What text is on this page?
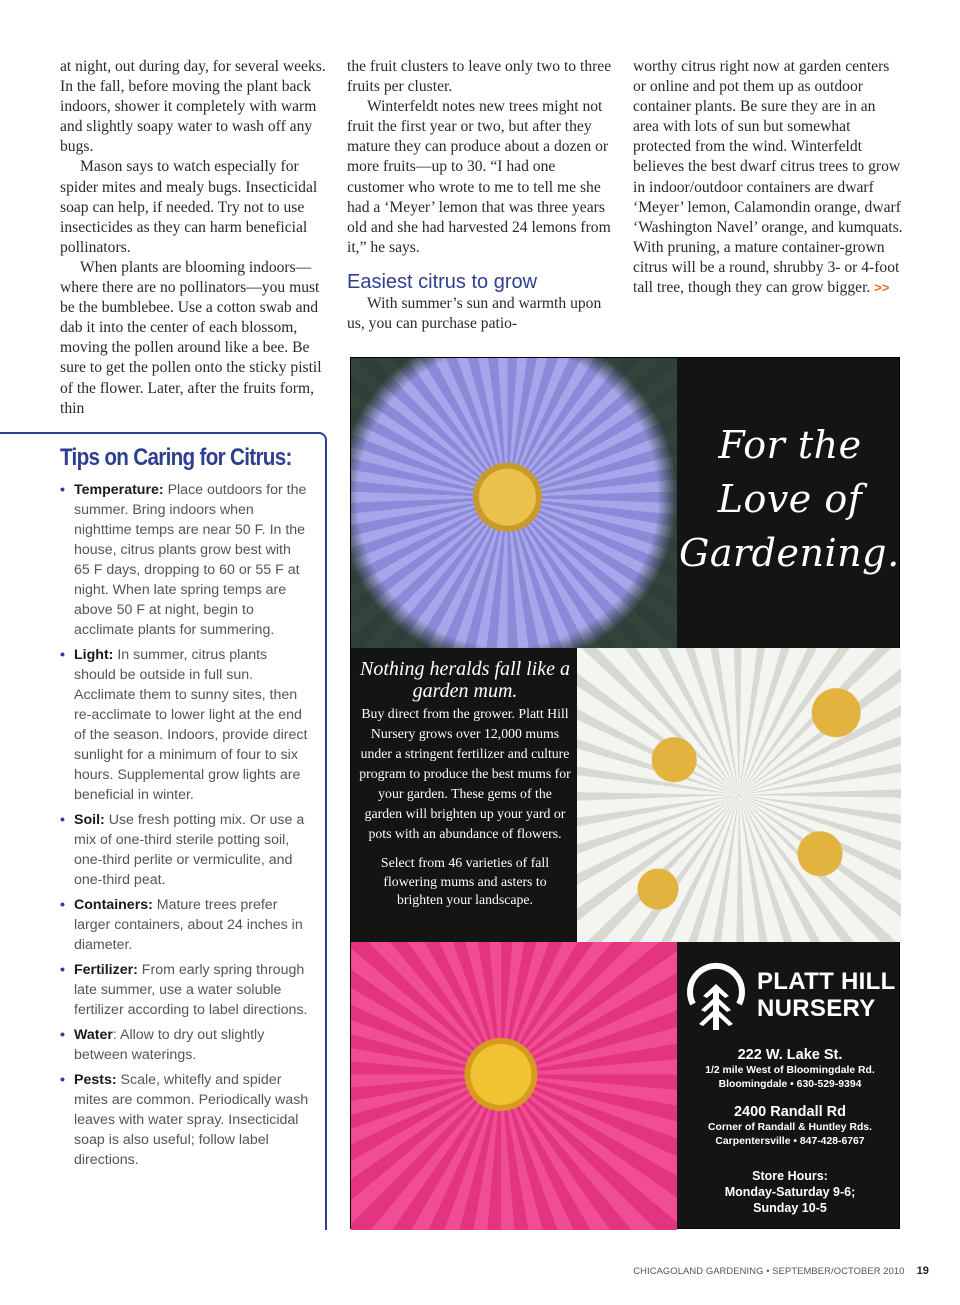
at night, out during day, for several weeks. In the fall, before moving the plant back indoors, shower it completely with warm and slightly soapy water to wash off any bugs.

Mason says to watch especially for spider mites and mealy bugs. Insecticidal soap can help, if needed. Try not to use insecticides as they can harm beneficial pollinators.

When plants are blooming indoors—where there are no pollinators—you must be the bumblebee. Use a cotton swab and dab it into the center of each blossom, moving the pollen around like a bee. Be sure to get the pollen onto the sticky pistil of the flower. Later, after the fruits form, thin

the fruit clusters to leave only two to three fruits per cluster.

Winterfeldt notes new trees might not fruit the first year or two, but after they mature they can produce about a dozen or more fruits—up to 30. “I had one customer who wrote to me to tell me she had a ‘Meyer’ lemon that was three years old and she had harvested 24 lemons from it,” he says.

Easiest citrus to grow

With summer’s sun and warmth upon us, you can purchase patio-

worthy citrus right now at garden centers or online and pot them up as outdoor container plants. Be sure they are in an area with lots of sun but somewhat protected from the wind. Winterfeldt believes the best dwarf citrus trees to grow in indoor/outdoor containers are dwarf ‘Meyer’ lemon, Calamondin orange, dwarf ‘Washington Navel’ orange, and kumquats. With pruning, a mature container-grown citrus will be a round, shrubby 3- or 4-foot tall tree, though they can grow bigger. >>

Tips on Caring for Citrus:
• Temperature: Place outdoors for the summer. Bring indoors when nighttime temps are near 50 F. In the house, citrus plants grow best with 65 F days, dropping to 60 or 55 F at night. When late spring temps are above 50 F at night, begin to acclimate plants for summering.
• Light: In summer, citrus plants should be outside in full sun. Acclimate them to sunny sites, then re-acclimate to lower light at the end of the season. Indoors, provide direct sunlight for a minimum of four to six hours. Supplemental grow lights are beneficial in winter.
• Soil: Use fresh potting mix. Or use a mix of one-third sterile potting soil, one-third perlite or vermiculite, and one-third peat.
• Containers: Mature trees prefer larger containers, about 24 inches in diameter.
• Fertilizer: From early spring through late summer, use a water soluble fertilizer according to label directions.
• Water: Allow to dry out slightly between waterings.
• Pests: Scale, whitefly and spider mites are common. Periodically wash leaves with water spray. Insecticidal soap is also useful; follow label directions.
For the Love of Gardening…
Nothing heralds fall like a garden mum.
Buy direct from the grower. Platt Hill Nursery grows over 12,000 mums under a stringent fertilizer and culture program to produce the best mums for your garden. These gems of the garden will brighten up your yard or pots with an abundance of flowers.
Select from 46 varieties of fall flowering mums and asters to brighten your landscape.
PLATT HILL
NURSERY
222 W. Lake St.
1/2 mile West of Bloomingdale Rd.
Bloomingdale • 630-529-9394
2400 Randall Rd
Corner of Randall & Huntley Rds.
Carpentersville • 847-428-6767
Store Hours:
Monday-Saturday 9-6;
Sunday 10-5
CHICAGOLAND GARDENING • SEPTEMBER/OCTOBER 2010 19
